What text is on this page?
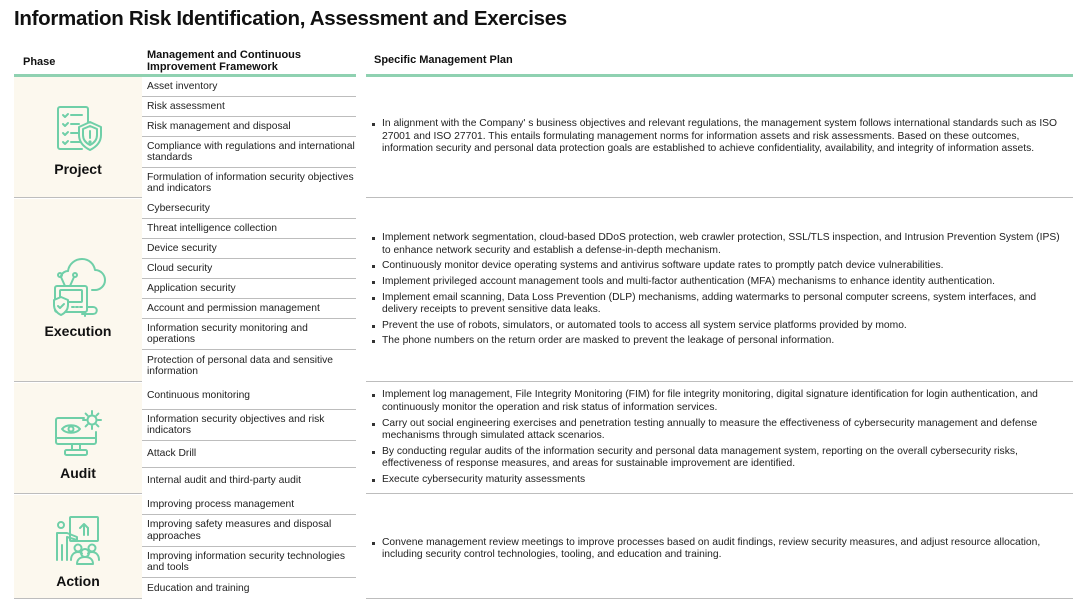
Information Risk Identification, Assessment and Exercises
Phase
Management and Continuous Improvement Framework
Specific Management Plan
Project
Asset inventory
Risk assessment
Risk management and disposal
Compliance with regulations and international standards
Formulation of information security objectives and indicators
In alignment with the Company' s business objectives and relevant regulations, the management system follows international standards such as ISO 27001 and ISO 27701. This entails formulating management norms for information assets and risk assessments. Based on these outcomes, information security and personal data protection goals are established to achieve confidentiality, availability, and integrity of information assets.
Execution
Cybersecurity
Threat intelligence collection
Device security
Cloud security
Application security
Account and permission management
Information security monitoring and operations
Protection of personal data and sensitive information
Implement network segmentation, cloud-based DDoS protection, web crawler protection, SSL/TLS inspection, and Intrusion Prevention System (IPS) to enhance network security and establish a defense-in-depth mechanism.
Continuously monitor device operating systems and antivirus software update rates to promptly patch device vulnerabilities.
Implement privileged account management tools and multi-factor authentication (MFA) mechanisms to enhance identity authentication.
Implement email scanning, Data Loss Prevention (DLP) mechanisms, adding watermarks to personal computer screens, system interfaces, and delivery receipts to prevent sensitive data leaks.
Prevent the use of robots, simulators, or automated tools to access all system service platforms provided by momo.
The phone numbers on the return order are masked to prevent the leakage of personal information.
Audit
Continuous monitoring
Information security objectives and risk indicators
Attack Drill
Internal audit and third-party audit
Implement log management, File Integrity Monitoring (FIM) for file integrity monitoring, digital signature identification for login authentication, and continuously monitor the operation and risk status of information services.
Carry out social engineering exercises and penetration testing annually to measure the effectiveness of cybersecurity management and defense mechanisms through simulated attack scenarios.
By conducting regular audits of the information security and personal data management system, reporting on the overall cybersecurity risks, effectiveness of response measures, and areas for sustainable improvement are identified.
Execute cybersecurity maturity assessments
Action
Improving process management
Improving safety measures and disposal approaches
Improving information security technologies and tools
Education and training
Convene management review meetings to improve processes based on audit findings, review security measures, and adjust resource allocation, including security control technologies, tooling, and education and training.
